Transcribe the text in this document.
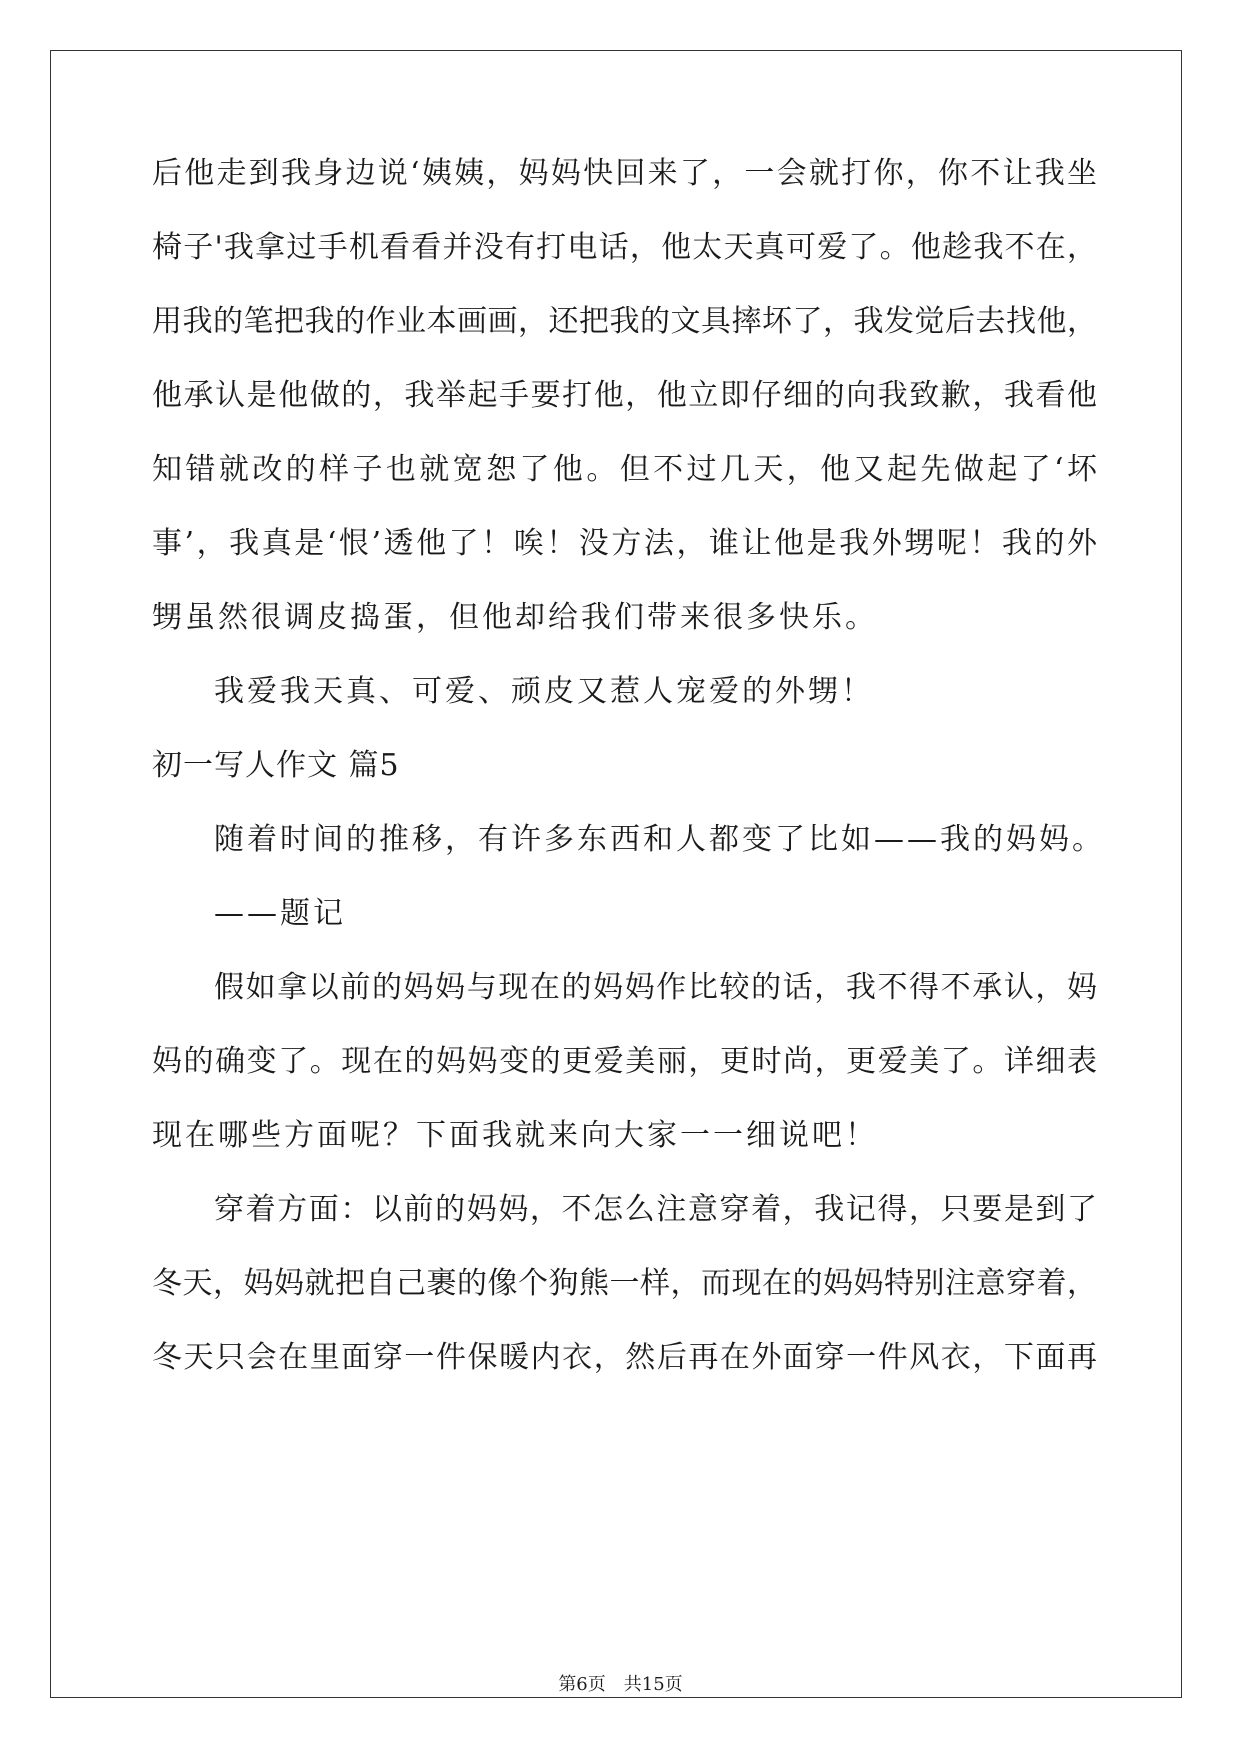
后他走到我身边说‘姨姨，妈妈快回来了，一会就打你，你不让我坐
椅子'我拿过手机看看并没有打电话，他太天真可爱了。他趁我不在，
用我的笔把我的作业本画画，还把我的文具摔坏了，我发觉后去找他，
他承认是他做的，我举起手要打他，他立即仔细的向我致歉，我看他
知错就改的样子也就宽恕了他。但不过几天，他又起先做起了‘坏
事’，我真是‘恨’透他了！唉！没方法，谁让他是我外甥呢！我的外
甥虽然很调皮捣蛋，但他却给我们带来很多快乐。
我爱我天真、可爱、顽皮又惹人宠爱的外甥！
初一写人作文 篇5
随着时间的推移，有许多东西和人都变了比如——我的妈妈。
——题记
假如拿以前的妈妈与现在的妈妈作比较的话，我不得不承认，妈
妈的确变了。现在的妈妈变的更爱美丽，更时尚，更爱美了。详细表
现在哪些方面呢？下面我就来向大家一一细说吧！
穿着方面：以前的妈妈，不怎么注意穿着，我记得，只要是到了
冬天，妈妈就把自己裹的像个狗熊一样，而现在的妈妈特别注意穿着，
冬天只会在里面穿一件保暖内衣，然后再在外面穿一件风衣，下面再
第6页　共15页
